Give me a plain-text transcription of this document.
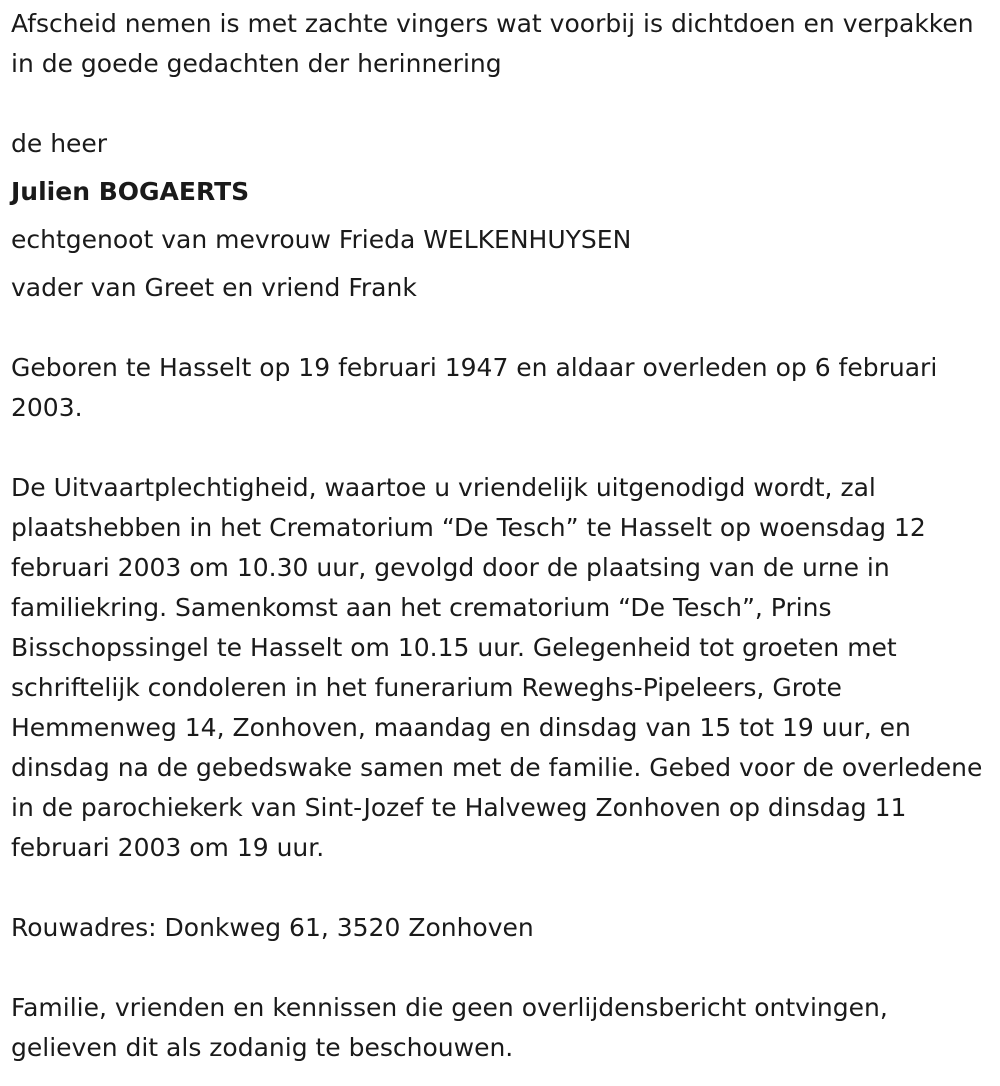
Afscheid nemen is met zachte vingers wat voorbij is dichtdoen en verpakken in de goede gedachten der herinnering

de heer

Julien BOGAERTS

echtgenoot van mevrouw Frieda WELKENHUYSEN

vader van Greet en vriend Frank

Geboren te Hasselt op 19 februari 1947 en aldaar overleden op 6 februari 2003.

De Uitvaartplechtigheid, waartoe u vriendelijk uitgenodigd wordt, zal plaatshebben in het Crematorium “De Tesch” te Hasselt op woensdag 12 februari 2003 om 10.30 uur, gevolgd door de plaatsing van de urne in familiekring. Samenkomst aan het crematorium “De Tesch”, Prins Bisschopssingel te Hasselt om 10.15 uur. Gelegenheid tot groeten met schriftelijk condoleren in het funerarium Reweghs-Pipeleers, Grote Hemmenweg 14, Zonhoven, maandag en dinsdag van 15 tot 19 uur, en dinsdag na de gebedswake samen met de familie. Gebed voor de overledene in de parochiekerk van Sint-Jozef te Halveweg Zonhoven op dinsdag 11 februari 2003 om 19 uur.

Rouwadres: Donkweg 61, 3520 Zonhoven

Familie, vrienden en kennissen die geen overlijdensbericht ontvingen, gelieven dit als zodanig te beschouwen.
